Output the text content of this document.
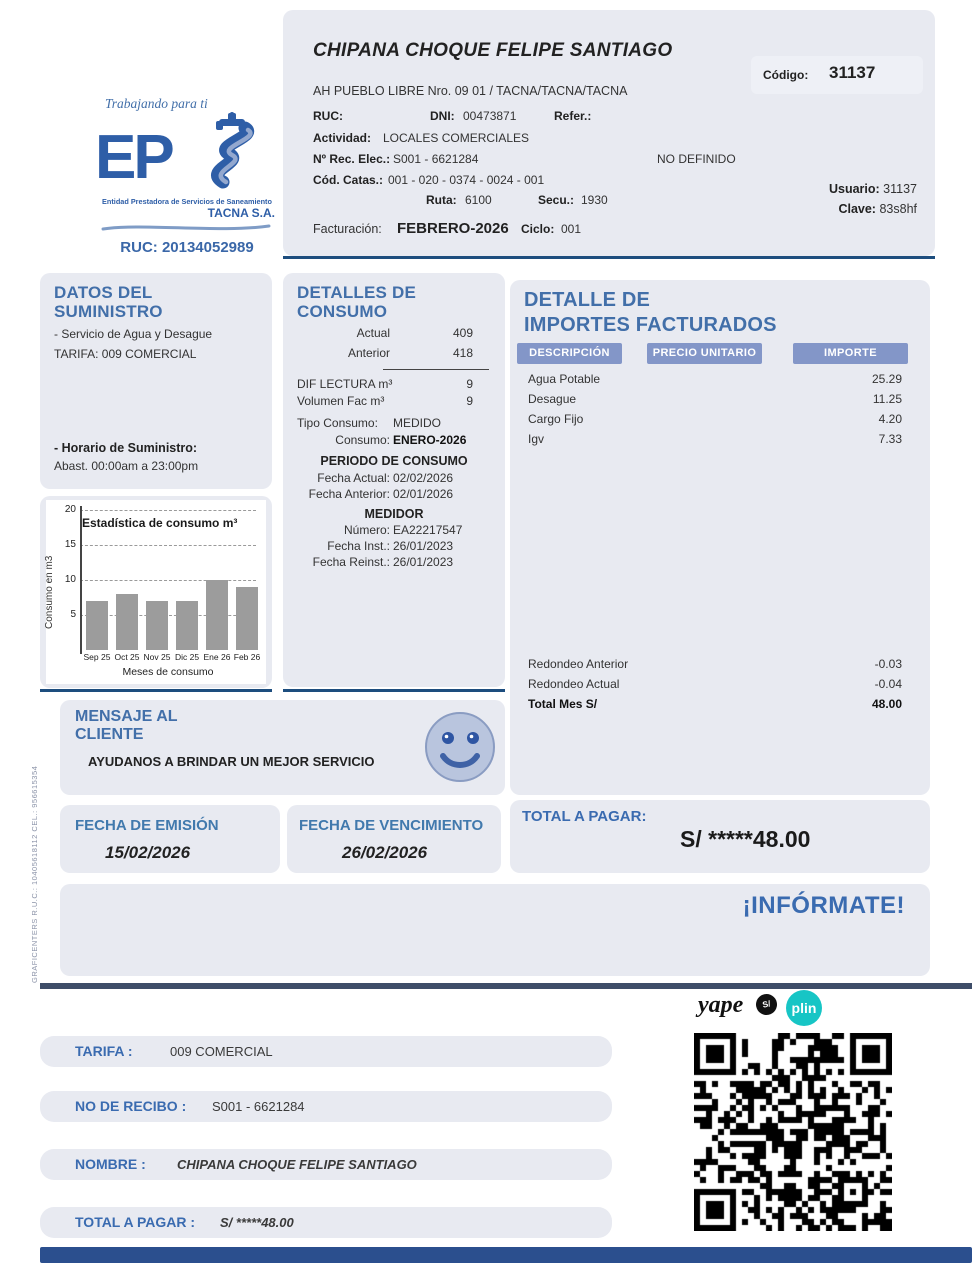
GRAFICENTERS R.U.C.: 10405618112 CEL.: 956615354
Trabajando para ti
EP
Entidad Prestadora de Servicios de Saneamiento
TACNA S.A.
RUC: 20134052989
CHIPANA CHOQUE FELIPE SANTIAGO
Código: 31137
AH PUEBLO LIBRE Nro. 09 01 / TACNA/TACNA/TACNA
RUC:	DNI: 00473871	Refer.:
Actividad: LOCALES COMERCIALES
Nº Rec. Elec.: S001 - 6621284	NO DEFINIDO
Cód. Catas.: 001 - 020 - 0374 - 0024 - 001
Ruta: 6100	Secu.: 1930
Usuario: 31137
Clave: 83s8hf
Facturación: FEBRERO-2026 Ciclo: 001
DATOS DEL
SUMINISTRO
- Servicio de Agua y Desague
TARIFA: 009 COMERCIAL
- Horario de Suministro:
Abast. 00:00am a 23:00pm
Estadística de consumo m³
Consumo en m3	5
10
15
20
Sep 25 Oct 25 Nov 25 Dic 25 Ene 26 Feb 26
Meses de consumo
DETALLES DE
CONSUMO
Actual	409
Anterior	418
DIF LECTURA m³	9
Volumen Fac m³	9
Tipo Consumo: MEDIDO
Consumo: ENERO-2026
PERIODO DE CONSUMO
Fecha Actual: 02/02/2026
Fecha Anterior: 02/01/2026
MEDIDOR
Número: EA22217547
Fecha Inst.: 26/01/2023
Fecha Reinst.: 26/01/2023
DETALLE DE
IMPORTES FACTURADOS
DESCRIPCIÓN	PRECIO UNITARIO	IMPORTE
Agua Potable	25.29
Desague	11.25
Cargo Fijo	4.20
Igv	7.33
Redondeo Anterior	-0.03
Redondeo Actual	-0.04
Total Mes S/	48.00
MENSAJE AL
CLIENTE
AYUDANOS A BRINDAR UN MEJOR SERVICIO
FECHA DE EMISIÓN
15/02/2026
FECHA DE VENCIMIENTO
26/02/2026
TOTAL A PAGAR:
S/ *****48.00
¡INFÓRMATE!
yape	S/	plin
TARIFA :	009 COMERCIAL
NO DE RECIBO : S001 - 6621284
NOMBRE : CHIPANA CHOQUE FELIPE SANTIAGO
TOTAL A PAGAR : S/ *****48.00
